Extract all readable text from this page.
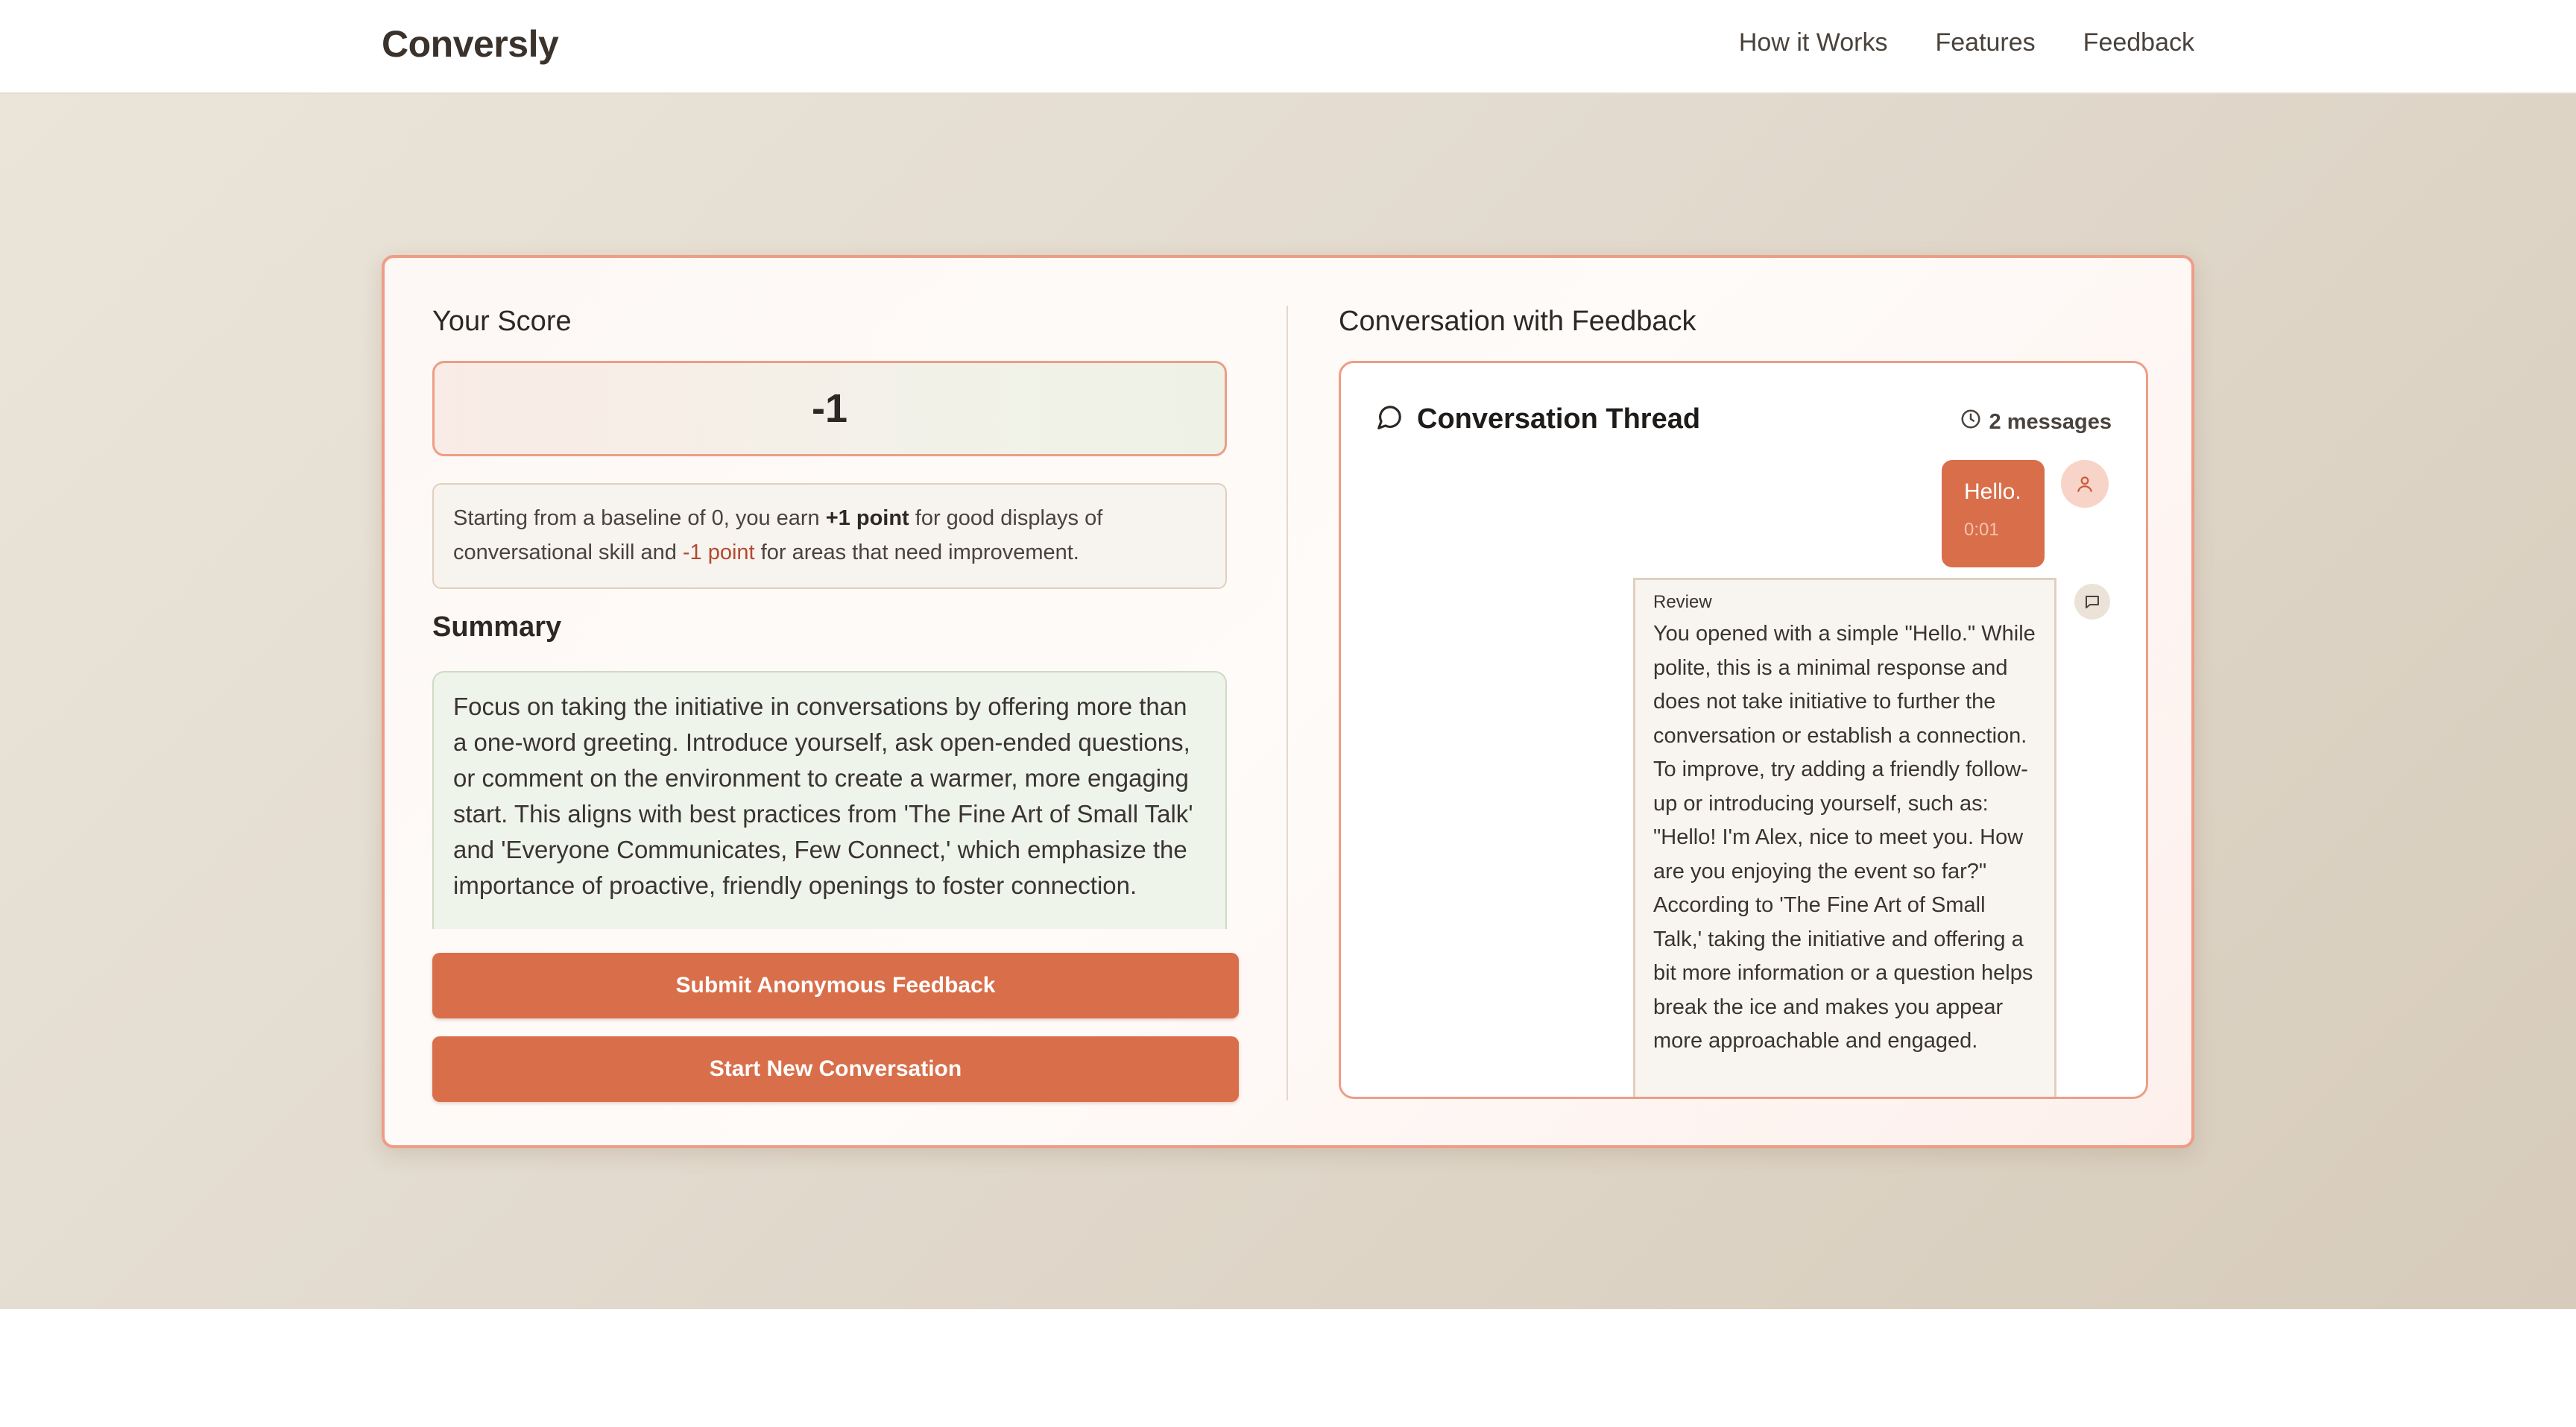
Conversly	How it Works Features Feedback
Your Score
-1
Starting from a baseline of 0, you earn +1 point for good displays of conversational skill and -1 point for areas that need improvement.
Summary
Focus on taking the initiative in conversations by offering more than a one-word greeting. Introduce yourself, ask open-ended questions, or comment on the environment to create a warmer, more engaging start. This aligns with best practices from 'The Fine Art of Small Talk' and 'Everyone Communicates, Few Connect,' which emphasize the importance of proactive, friendly openings to foster connection.
Submit Anonymous Feedback
Start New Conversation
Conversation with Feedback
Conversation Thread	2 messages
Hello.
0:01
Review
You opened with a simple "Hello." While polite, this is a minimal response and does not take initiative to further the conversation or establish a connection. To improve, try adding a friendly follow-up or introducing yourself, such as: "Hello! I'm Alex, nice to meet you. How are you enjoying the event so far?" According to 'The Fine Art of Small Talk,' taking the initiative and offering a bit more information or a question helps break the ice and makes you appear more approachable and engaged.
